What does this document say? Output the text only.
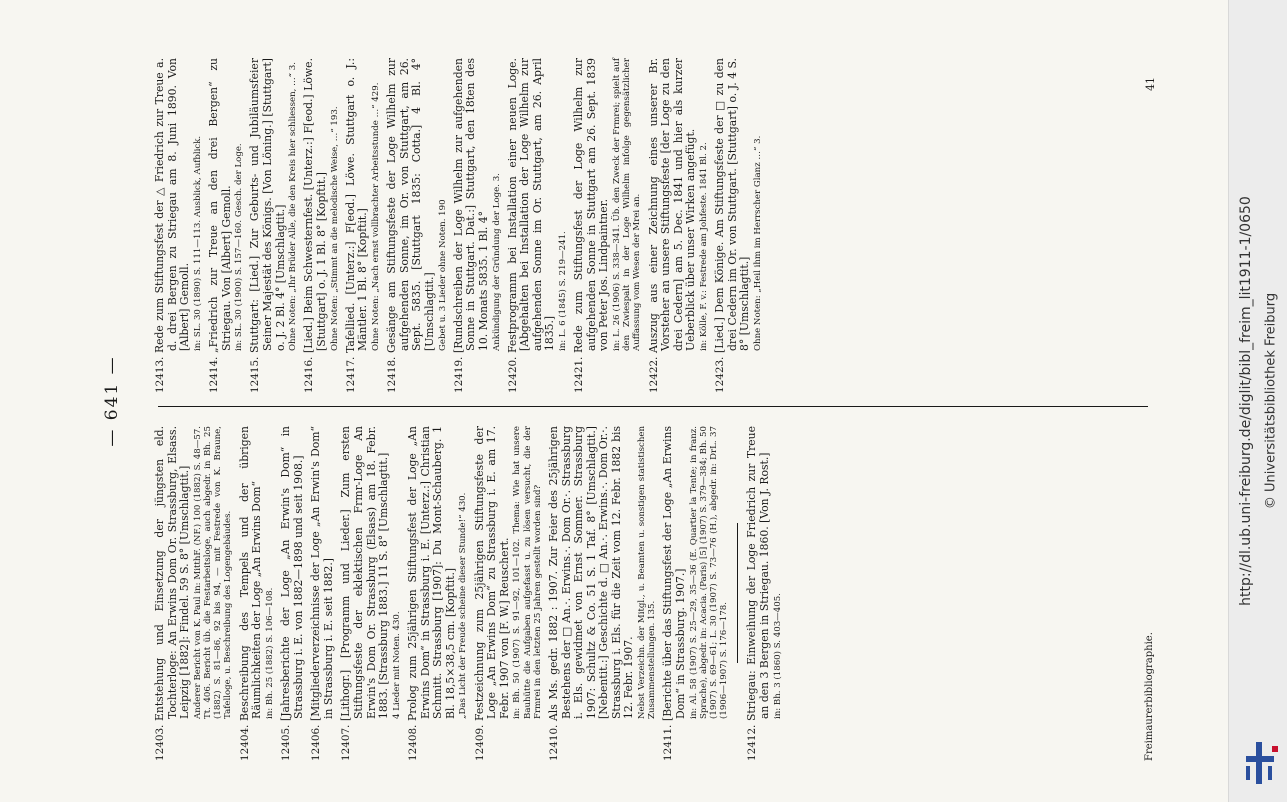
— 641 —
12403.Entstehung und Einsetzung der jüngsten eld. Tochterloge: An Erwins Dom Or. Strassburg, Elsass. Leipzig [1882]: Findel. 59 S. 8° [Umschlagtit.] Anderer Bericht von K. Paul in: MitthF. (NF.) 100 (1882) S. 48—57. Tt. 406. Bericht üb. die Festarbeitsloge, auch abgedr. in Bh. 25 (1882) S. 81—86, 92 bis 94, — mit Festrede von K. Braune, Tafelloge, u. Beschreibung des Logengebäudes.
12404.Beschreibung des Tempels und der übrigen Räumlichkeiten der Loge „An Erwins Dom“ in: Bh. 25 (1882) S. 106—108.
12405.[Jahresberichte der Loge „An Erwin's Dom“ in Strassburg i. E. von 1882—1898 und seit 1908.]
12406.[Mitgliederverzeichnisse der Loge „An Erwin's Dom“ in Strassburg i. E. seit 1882.]
12407.[Lithogr.] [Programm und Lieder.] Zum ersten Stiftungsfeste der eklektischen Frmr-Loge An Erwin's Dom Or. Strassburg (Elsass) am 18. Febr. 1883. [Strassburg 1883.] 11 S. 8° [Umschlagtit.] 4 Lieder mit Noten. 430.
12408.Prolog zum 25jährigen Stiftungsfest der Loge „An Erwins Dom“ in Strassburg i. E. [Unterz.:] Christian Schmitt. Strassburg [1907]: Du Mont-Schauberg. 1 Bl. 18,5×38,5 cm. [Kopftit.] „Das Licht der Freude scheine dieser Stunde!“ 430.
12409.Festzeichnung zum 25jährigen Stiftungsfeste der Loge „An Erwins Dom“ zu Strassburg i. E. am 17. Febr. 1907 von [F. W.] Reuschert. in: Bh. 50 (1907) S. 91—92, 101—102. Thema: Wie hat unsere Bauhütte die Aufgaben aufgefasst u. zu lösen versucht, die der Frmrei in den letzten 25 Jahren gestellt worden sind?
12410.Als Ms. gedr. 1882 : 1907. Zur Feier des 25jährigen Bestehens der □ An.·. Erwins.·. Dom Or.·. Strassburg i. Els. gewidmet von Ernst Sommer. Strassburg 1907: Schultz & Co. 51 S. 1 Taf. 8° [Umschlagtit.] [Nebentit.:] Geschichte d. □ An.·. Erwins.·. Dom Or.·. Strassburg i. Els. für die Zeit vom 12. Febr. 1882 bis 12. Febr. 1907. Nebst Verzeichn. der Mitgl., u. Beamten u. sonstigen statistischen Zusammenstellungen. 135.
12411.[Berichte über das Stiftungsfest der Loge „An Erwins Dom“ in Strassburg. 1907.] in: Al. 58 (1907) S. 25—29, 35—36 (E. Quartier la Tente; in franz. Sprache), abgedr. in: Acacia. (Paris) [5] (1907) S. 379—384; Bh. 50 (1907) S. 69—61; L. 30 (1907) S. 73—76 (H.), abgedr. in: DrL. 37 (1906—1907) S. 176—178.
12412.Striegau: Einweihung der Loge Friedrich zur Treue an den 3 Bergen in Striegau. 1860. [Von J. Rost.] in: Bh. 3 (1860) S. 403—405.
12413.Rede zum Stiftungsfest der △ Friedrich zur Treue a. d. drei Bergen zu Striegau am 8. Juni 1890. Von [Albert] Gemoll. in: SL. 30 (1890) S. 111—113. Ausblick, Aufblick.
12414.„Friedrich zur Treue an den drei Bergen“ zu Striegau. Von [Albert] Gemoll. in: SL. 30 (1900) S. 157—160. Gesch. der Loge.
12415.Stuttgart: [Lied.] Zur Geburts- und Jubiläumsfeier Seiner Majestät des Königs. [Von Löning.] [Stuttgart] o. J. 2 Bl. 4° [Umschlagtit.] Ohne Noten: „Ihr Brüder Alle, die den Kreis hier schliessen, …“ 3.
12416.[Lied.] Beim Schwesternfest. [Unterz.:] F[eod.] Löwe. [Stuttgart] o. J. 1 Bl. 8° [Kopftit.] Ohne Noten: „Stimmt an die melodische Weise, …“ 193.
12417.Tafellied. [Unterz.:] F[eod.] Löwe. Stuttgart o. J.: Mäntler. 1 Bl. 8° [Kopftit.] Ohne Noten: „Nach ernst vollbrachter Arbeitsstunde …“ 429.
12418.Gesänge am Stiftungsfeste der Loge Wilhelm zur aufgehenden Sonne, im Or. von Stuttgart, am 26. Sept. 5835. [Stuttgart 1835: Cotta.] 4 Bl. 4° [Umschlagtit.] Gebet u. 3 Lieder ohne Noten. 190
12419.[Rundschreiben der Loge Wilhelm zur aufgehenden Sonne in Stuttgart. Dat.:] Stuttgart, den 18ten des 10. Monats 5835. 1 Bl. 4° Ankündigung der Gründung der Loge. 3.
12420.Festprogramm bei Installation einer neuen Loge. [Abgehalten bei Installation der Loge Wilhelm zur aufgehenden Sonne im Or. Stuttgart, am 26. April 1835.] in: L. 6 (1845) S. 219—241.
12421.Rede zum Stiftungsfest der Loge Wilhelm zur aufgehenden Sonne in Stuttgart am 26. Sept. 1839 von Peter Jos. Lindpaintner. in: L. 26 (1906) S. 338—341. Üb. den Zweck der Frmrei; spielt auf den Zwiespalt in der Loge Wilhelm infolge gegensätzlicher Auffassung vom Wesen der Mrei an.
12422.Auszug aus einer Zeichnung eines unserer Br. Vorsteher an unsere Stiftungsfeste [der Loge zu den drei Cedern] am 5. Dec. 1841 und hier als kurzer Ueberblick über unser Wirken angefügt. in: Kölle, F. v.: Festrede am Johfeste. 1841 Bl. 2.
12423.[Lied.] Dem Könige. Am Stiftungsfeste der □ zu den drei Cedern im Or. von Stuttgart. [Stuttgart] o. J. 4 S. 8° [Umschlagtit.] Ohne Noten: „Heil ihm im Herrscher Glanz …“ 3.
Freimaurerbibliographie.
41
http://dl.ub.uni-freiburg.de/diglit/bibl_freim_lit1911-1/0650 © Universitätsbibliothek Freiburg
